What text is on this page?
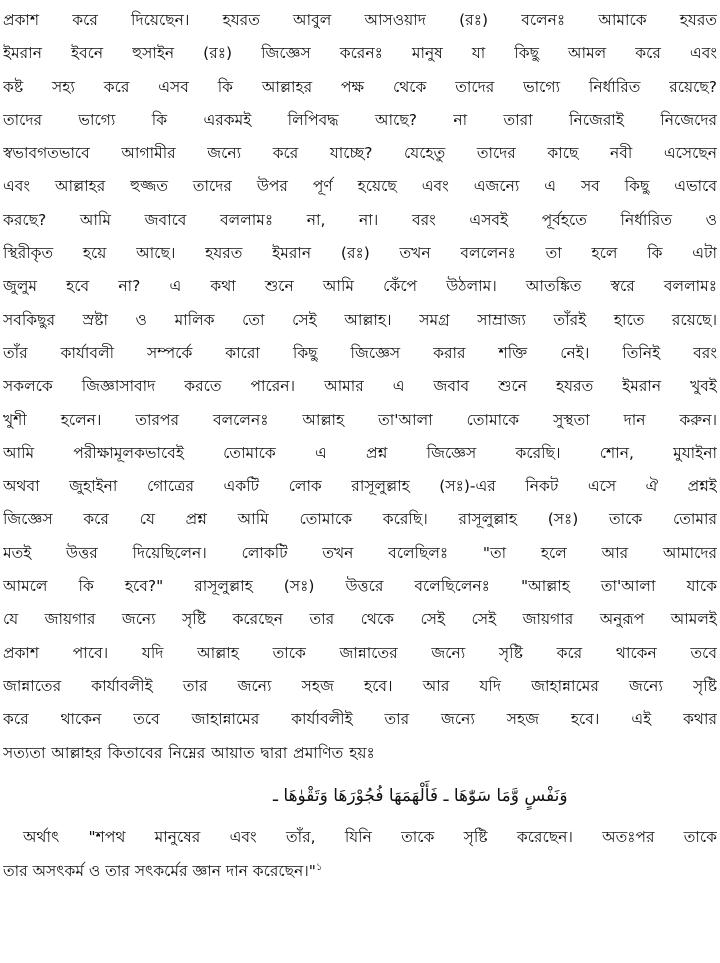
প্রকাশ করে দিয়েছেন। হযরত আবুল আসওয়াদ (রঃ) বলেনঃ আমাকে হযরত
ইমরান ইবনে হুসাইন (রঃ) জিজ্ঞেস করেনঃ মানুষ যা কিছু আমল করে এবং
কষ্ট সহ্য করে এসব কি আল্লাহর পক্ষ থেকে তাদের ভাগ্যে নির্ধারিত রয়েছে?
তাদের ভাগ্যে কি এরকমই লিপিবদ্ধ আছে? না তারা নিজেরাই নিজেদের
স্বভাবগতভাবে আগামীর জন্যে করে যাচ্ছে? যেহেতু তাদের কাছে নবী এসেছেন
এবং আল্লাহর হুজ্জত তাদের উপর পূর্ণ হয়েছে এবং এজন্যে এ সব কিছু এভাবে
করছে? আমি জবাবে বললামঃ না, না। বরং এসবই পূর্বহতে নির্ধারিত ও
স্থিরীকৃত হয়ে আছে। হযরত ইমরান (রঃ) তখন বললেনঃ তা হলে কি এটা
জুলুম হবে না? এ কথা শুনে আমি কেঁপে উঠলাম। আতঙ্কিত স্বরে বললামঃ
সবকিছুর স্রষ্টা ও মালিক তো সেই আল্লাহ। সমগ্র সাম্রাজ্য তাঁরই হাতে রয়েছে।
তাঁর কার্যাবলী সম্পর্কে কারো কিছু জিজ্ঞেস করার শক্তি নেই। তিনিই বরং
সকলকে জিজ্ঞাসাবাদ করতে পারেন। আমার এ জবাব শুনে হযরত ইমরান খুবই
খুশী হলেন। তারপর বললেনঃ আল্লাহ তা'আলা তোমাকে সুস্থতা দান করুন।
আমি পরীক্ষামূলকভাবেই তোমাকে এ প্রশ্ন জিজ্ঞেস করেছি। শোন, মুযাইনা
অথবা জুহাইনা গোত্রের একটি লোক রাসূলুল্লাহ (সঃ)-এর নিকট এসে ঐ প্রশ্নই
জিজ্ঞেস করে যে প্রশ্ন আমি তোমাকে করেছি। রাসূলুল্লাহ (সঃ) তাকে তোমার
মতই উত্তর দিয়েছিলেন। লোকটি তখন বলেছিলঃ "তা হলে আর আমাদের
আমলে কি হবে?" রাসূলুল্লাহ (সঃ) উত্তরে বলেছিলেনঃ "আল্লাহ তা'আলা যাকে
যে জায়গার জন্যে সৃষ্টি করেছেন তার থেকে সেই সেই জায়গার অনুরূপ আমলই
প্রকাশ পাবে। যদি আল্লাহ তাকে জান্নাতের জন্যে সৃষ্টি করে থাকেন তবে
জান্নাতের কার্যাবলীই তার জন্যে সহজ হবে। আর যদি জাহান্নামের জন্যে সৃষ্টি
করে থাকেন তবে জাহান্নামের কার্যাবলীই তার জন্যে সহজ হবে। এই কথার
সত্যতা আল্লাহর কিতাবের নিম্নের আয়াত দ্বারা প্রমাণিত হয়ঃ
وَنَفْسٍ وَّمَا سَوّٰهَا ـ فَأَلْهَمَهَا فُجُوْرَهَا وَتَقْوٰهَا ـ
অর্থাৎ "শপথ মানুষের এবং তাঁর, যিনি তাকে সৃষ্টি করেছেন। অতঃপর তাকে
তার অসৎকর্ম ও তার সৎকর্মের জ্ঞান দান করেছেন।"$^১$
